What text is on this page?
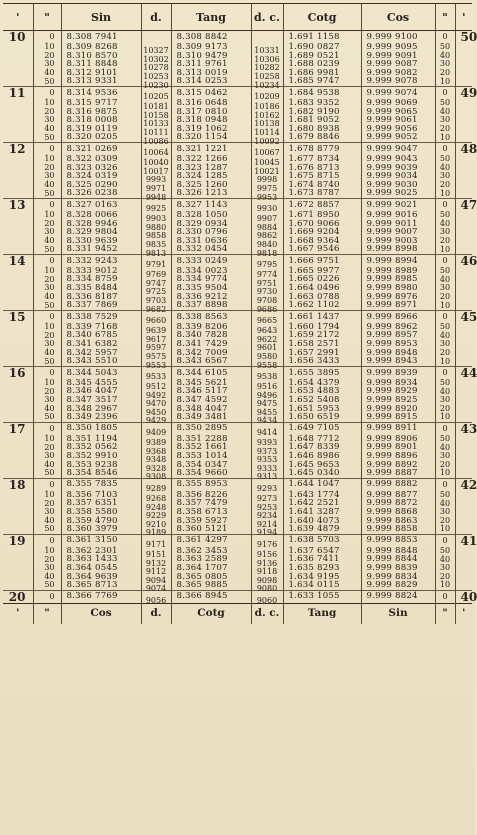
'	"	Sin	d.	Tang	d. c.	Cotg	Cos	"	'
10	0	8.308 7941		8.308 8842		1.691 1158	9.999 9100	0	50
	10	8.309 8268	10327	8.309 9173	10331	1.690 0827	9.999 9095	50	
	20	8.310 8570	10302	8.310 9479	10306	1.689 0521	9.999 9091	40	
	30	8.311 8848	10278	8.311 9761	10282	1.688 0239	9.999 9087	30	
	40	8.312 9101	10253	8.313 0019	10258	1.686 9981	9.999 9082	20	
	50	8.313 9331	10230	8.314 0253	10234	1.685 9747	9.999 9078	10	
11	0	8.314 9536	10205	8.315 0462	10209	1.684 9538	9.999 9074	0	49
	10	8.315 9717	10181	8.316 0648	10186	1.683 9352	9.999 9069	50	
	20	8.316 9875	10158	8.317 0810	10162	1.682 9190	9.999 9065	40	
	30	8.318 0008	10133	8.318 0948	10138	1.681 9052	9.999 9061	30	
	40	8.319 0119	10111	8.319 1062	10114	1.680 8938	9.999 9056	20	
	50	8.320 0205	10086	8.320 1154	10092	1.679 8846	9.999 9052	10	
12	0	8.321 0269	10064	8.321 1221	10067	1.678 8779	9.999 9047	0	48
	10	8.322 0309	10040	8.322 1266	10045	1.677 8734	9.999 9043	50	
	20	8.323 0326	10017	8.323 1287	10021	1.676 8713	9.999 9039	40	
	30	8.324 0319	9993	8.324 1285	9998	1.675 8715	9.999 9034	30	
	40	8.325 0290	9971	8.325 1260	9975	1.674 8740	9.999 9030	20	
	50	8.326 0238	9948	8.326 1213	9953	1.673 8787	9.999 9025	10	
13	0	8.327 0163	9925	8.327 1143	9930	1.672 8857	9.999 9021	0	47
	10	8.328 0066	9903	8.328 1050	9907	1.671 8950	9.999 9016	50	
	20	8.328 9946	9880	8.329 0934	9884	1.670 9066	9.999 9011	40	
	30	8.329 9804	9858	8.330 0796	9862	1.669 9204	9.999 9007	30	
	40	8.330 9639	9835	8.331 0636	9840	1.668 9364	9.999 9003	20	
	50	8.331 9452	9813	8.332 0454	9818	1.667 9546	9.999 8998	10	
14	0	8.332 9243	9791	8.333 0249	9795	1.666 9751	9.999 8994	0	46
	10	8.333 9012	9769	8.334 0023	9774	1.665 9977	9.999 8989	50	
	20	8.334 8759	9747	8.334 9774	9751	1.665 0226	9.999 8985	40	
	30	8.335 8484	9725	8.335 9504	9730	1.664 0496	9.999 8980	30	
	40	8.336 8187	9703	8.336 9212	9708	1.663 0788	9.999 8976	20	
	50	8.337 7869	9682	8.337 8898	9686	1.662 1102	9.999 8971	10	
15	0	8.338 7529	9660	8.338 8563	9665	1.661 1437	9.999 8966	0	45
	10	8.339 7168	9639	8.339 8206	9643	1.660 1794	9.999 8962	50	
	20	8.340 6785	9617	8.340 7828	9622	1.659 2172	9.999 8957	40	
	30	8.341 6382	9597	8.341 7429	9601	1.658 2571	9.999 8953	30	
	40	8.342 5957	9575	8.342 7009	9580	1.657 2991	9.999 8948	20	
	50	8.343 5510	9553	8.343 6567	9558	1.656 3433	9.999 8943	10	
16	0	8.344 5043	9533	8.344 6105	9538	1.655 3895	9.999 8939	0	44
	10	8.345 4555	9512	8.345 5621	9516	1.654 4379	9.999 8934	50	
	20	8.346 4047	9492	8.346 5117	9496	1.653 4883	9.999 8929	40	
	30	8.347 3517	9470	8.347 4592	9475	1.652 5408	9.999 8925	30	
	40	8.348 2967	9450	8.348 4047	9455	1.651 5953	9.999 8920	20	
	50	8.349 2396	9429	8.349 3481	9434	1.650 6519	9.999 8915	10	
17	0	8.350 1805	9409	8.350 2895	9414	1.649 7105	9.999 8911	0	43
	10	8.351 1194	9389	8.351 2288	9393	1.648 7712	9.999 8906	50	
	20	8.352 0562	9368	8.352 1661	9373	1.647 8339	9.999 8901	40	
	30	8.352 9910	9348	8.353 1014	9353	1.646 8986	9.999 8896	30	
	40	8.353 9238	9328	8.354 0347	9333	1.645 9653	9.999 8892	20	
	50	8.354 8546	9308	8.354 9660	9313	1.645 0340	9.999 8887	10	
18	0	8.355 7835	9289	8.355 8953	9293	1.644 1047	9.999 8882	0	42
	10	8.356 7103	9268	8.356 8226	9273	1.643 1774	9.999 8877	50	
	20	8.357 6351	9248	8.357 7479	9253	1.642 2521	9.999 8872	40	
	30	8.358 5580	9229	8.358 6713	9234	1.641 3287	9.999 8868	30	
	40	8.359 4790	9210	8.359 5927	9214	1.640 4073	9.999 8863	20	
	50	8.360 3979	9189	8.360 5121	9194	1.639 4879	9.999 8858	10	
19	0	8.361 3150	9171	8.361 4297	9176	1.638 5703	9.999 8853	0	41
	10	8.362 2301	9151	8.362 3453	9156	1.637 6547	9.999 8848	50	
	20	8.363 1433	9132	8.363 2589	9136	1.636 7411	9.999 8844	40	
	30	8.364 0545	9112	8.364 1707	9118	1.635 8293	9.999 8839	30	
	40	8.364 9639	9094	8.365 0805	9098	1.634 9195	9.999 8834	20	
	50	8.365 8713	9074	8.365 9885	9080	1.634 0115	9.999 8829	10	
20	0	8.366 7769	9056	8.366 8945	9060	1.633 1055	9.999 8824	0	40
'	"	Cos	d.	Cotg	d. c.	Tang	Sin	"	'
